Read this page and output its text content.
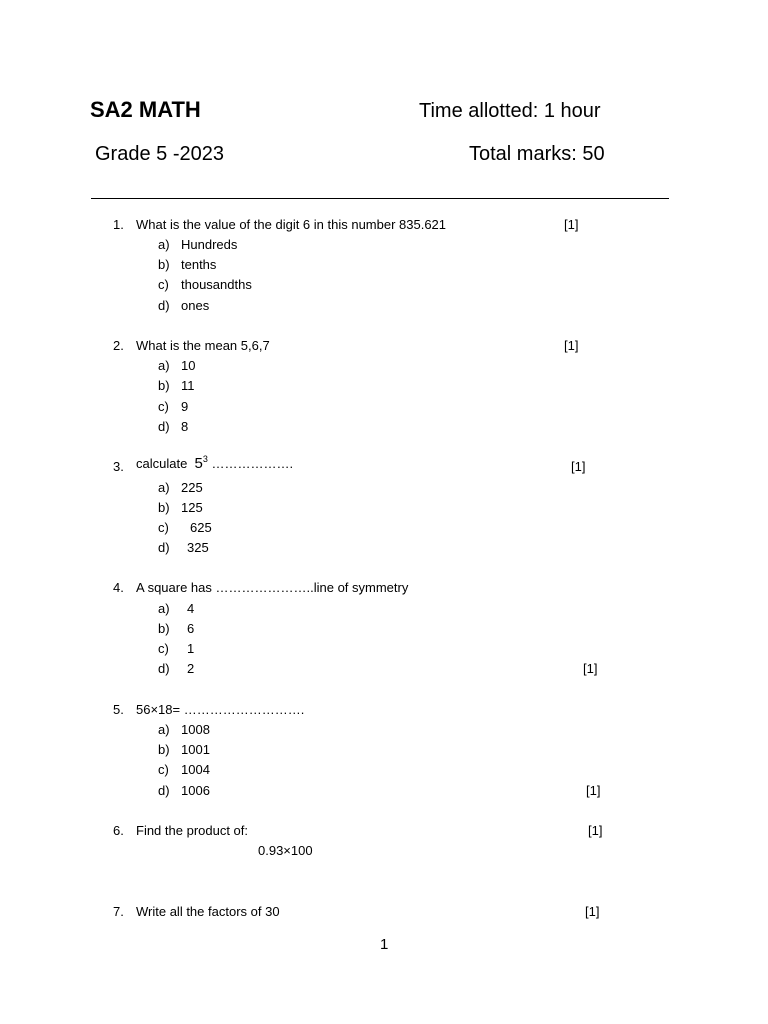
SA2 MATH	Time allotted: 1 hour
Grade 5 -2023	Total marks: 50
1. What is the value of the digit 6 in this number 835.621	[1]
a) Hundreds
b) tenths
c) thousandths
d) ones
2. What is the mean 5,6,7	[1]
a) 10
b) 11
c) 9
d) 8
3. calculate $5^3$ ……………….	[1]
a) 225
b) 125
c) 625
d) 325
4. A square has …………………..line of symmetry
a) 4
b) 6
c) 1
d) 2	[1]
5. 56×18= ……………………….
a) 1008
b) 1001
c) 1004
d) 1006	[1]
6. Find the product of:	[1]
0.93×100
7. Write all the factors of 30	[1]
1
